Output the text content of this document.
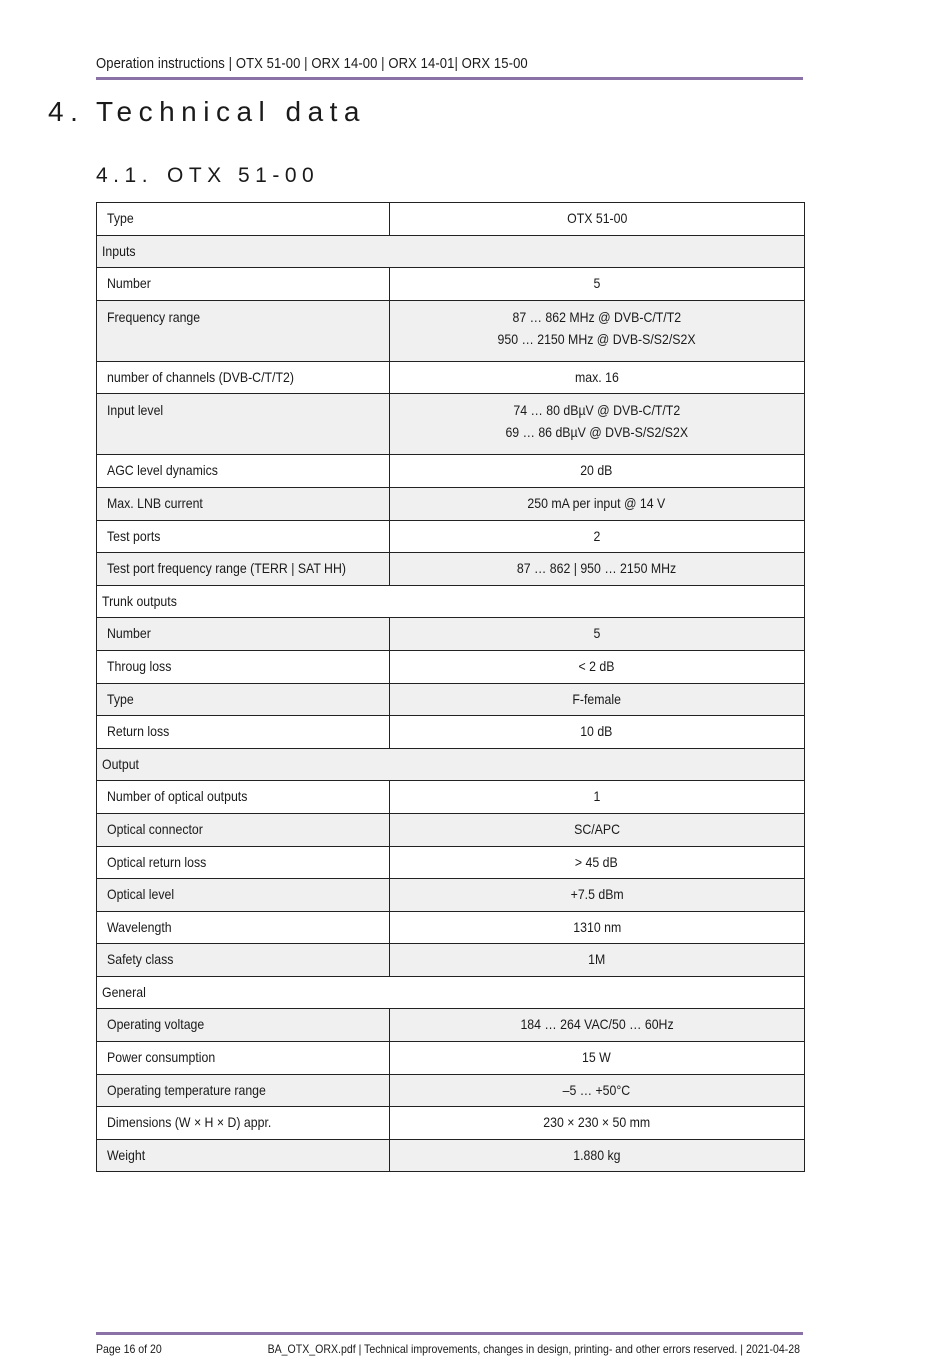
Operation instructions | OTX 51-00 | ORX 14-00 | ORX 14-01| ORX 15-00
4. Technical data
4.1. OTX 51-00
Type	OTX 51-00
Inputs	
Number	5
Frequency range	87 … 862 MHz @ DVB-C/T/T2
950 … 2150 MHz @ DVB-S/S2/S2X
number of channels (DVB-C/T/T2)	max. 16
Input level	74 … 80 dBµV @ DVB-C/T/T2
69 … 86 dBµV @ DVB-S/S2/S2X
AGC level dynamics	20 dB
Max. LNB current	250 mA per input @ 14 V
Test ports	2
Test port frequency range (TERR | SAT HH)	87 … 862 | 950 … 2150 MHz
Trunk outputs	
Number	5
Throug loss	< 2 dB
Type	F-female
Return loss	10 dB
Output	
Number of optical outputs	1
Optical connector	SC/APC
Optical return loss	> 45 dB
Optical level	+7.5 dBm
Wavelength	1310 nm
Safety class	1M
General	
Operating voltage	184 … 264 VAC/50 … 60Hz
Power consumption	15 W
Operating temperature range	–5 … +50°C
Dimensions (W × H × D) appr.	230 × 230 × 50 mm
Weight	1.880 kg
Page 16 of 20	BA_OTX_ORX.pdf | Technical improvements, changes in design, printing- and other errors reserved. | 2021-04-28
